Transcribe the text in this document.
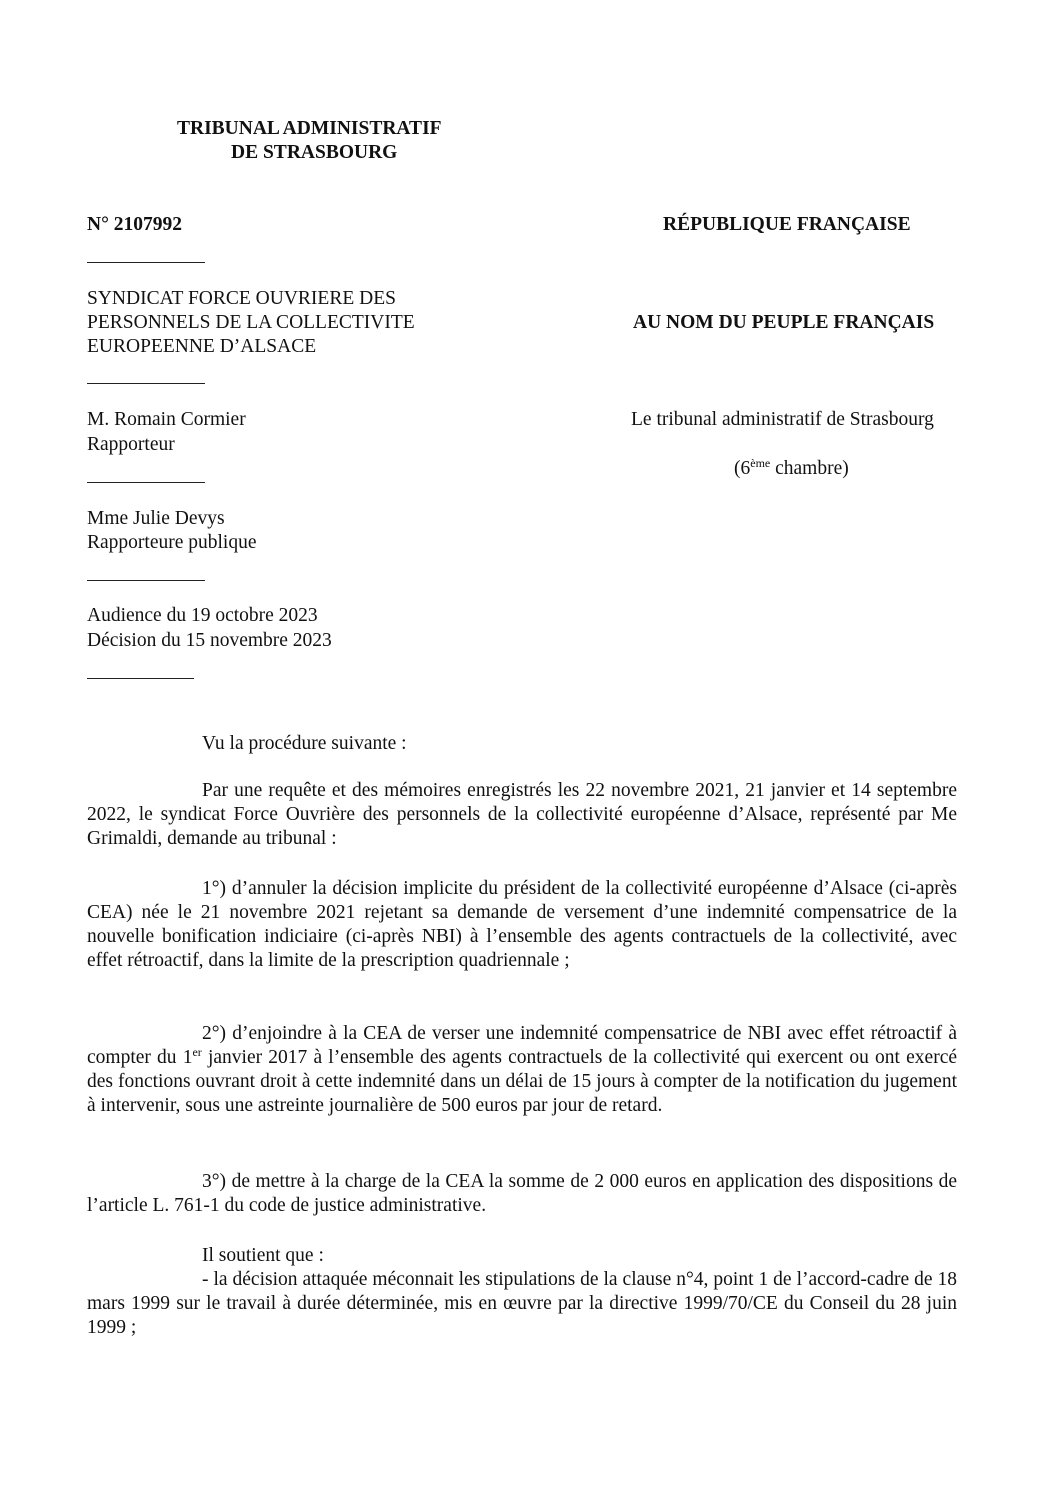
TRIBUNAL ADMINISTRATIF
DE STRASBOURG
N° 2107992	RÉPUBLIQUE FRANÇAISE
SYNDICAT FORCE OUVRIERE DES
PERSONNELS DE LA COLLECTIVITE
EUROPEENNE D’ALSACE
AU NOM DU PEUPLE FRANÇAIS
M. Romain Cormier
Rapporteur
Le tribunal administratif de Strasbourg
(6ème chambre)
Mme Julie Devys
Rapporteure publique
Audience du 19 octobre 2023
Décision du 15 novembre 2023
Vu la procédure suivante :

Par une requête et des mémoires enregistrés les 22 novembre 2021, 21 janvier et 14 septembre 2022, le syndicat Force Ouvrière des personnels de la collectivité européenne d’Alsace, représenté par Me Grimaldi, demande au tribunal :

1°) d’annuler la décision implicite du président de la collectivité européenne d’Alsace (ci-après CEA) née le 21 novembre 2021 rejetant sa demande de versement d’une indemnité compensatrice de la nouvelle bonification indiciaire (ci-après NBI) à l’ensemble des agents contractuels de la collectivité, avec effet rétroactif, dans la limite de la prescription quadriennale ;

2°) d’enjoindre à la CEA de verser une indemnité compensatrice de NBI avec effet rétroactif à compter du 1er janvier 2017 à l’ensemble des agents contractuels de la collectivité qui exercent ou ont exercé des fonctions ouvrant droit à cette indemnité dans un délai de 15 jours à compter de la notification du jugement à intervenir, sous une astreinte journalière de 500 euros par jour de retard.

3°) de mettre à la charge de la CEA la somme de 2 000 euros en application des dispositions de l’article L. 761-1 du code de justice administrative.

Il soutient que :

- la décision attaquée méconnait les stipulations de la clause n°4, point 1 de l’accord-cadre de 18 mars 1999 sur le travail à durée déterminée, mis en œuvre par la directive 1999/70/CE du Conseil du 28 juin 1999 ;
